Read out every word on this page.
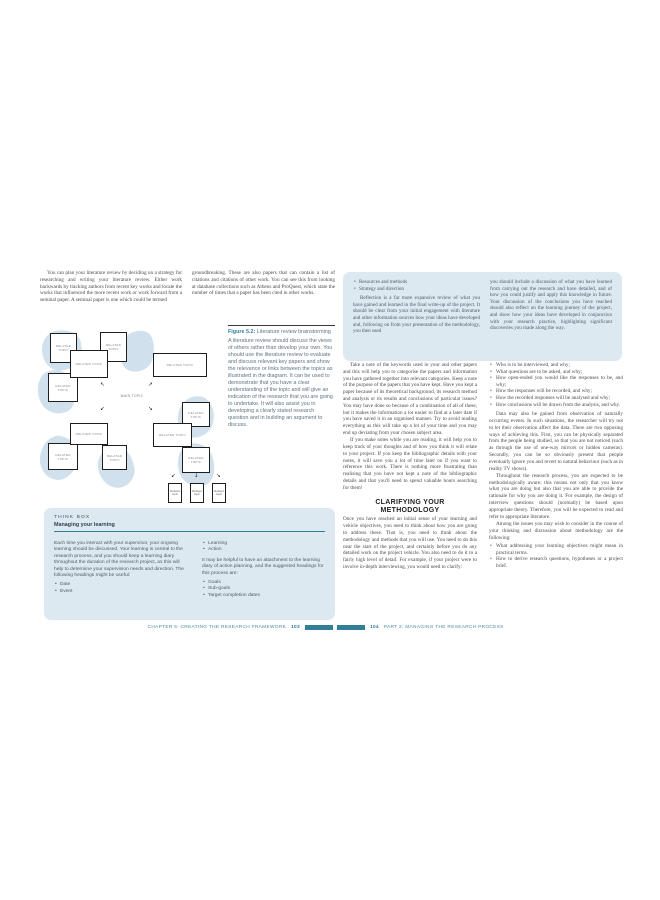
You can plan your literature review by deciding on a strategy for researching and writing your literature review. Either work backwards by tracking authors from recent key works and locate the works that influenced the more recent work or work forward from a seminal paper. A seminal paper is one which could be termed

groundbreaking. These are also papers that can contain a list of citations and citations of other work. You can see this from looking at database collections such as Athens and ProQuest, which state the number of times that a paper has been cited in other works.

RELATED TOPIC
RELATED TOPIC
RELATED TOPIC
RELATED TOPIC
RELATED TOPIC
RELATED TOPIC
RELATED TOPIC
RELATED TOPIC
RELATED TOPIC
RELATED TOPIC
RELATED TOPIC
MAIN TOPIC
↖	↗
↙	↘
↙	↓	↘
Related topic
Related topic
Related topic
Figure 5.2: Literature review brainstorming
A literature review should discuss the views of others rather than develop your own. You should use the literature review to evaluate and discuss relevant key papers and show the relevance or links between the topics as illustrated in the diagram. It can be used to demonstrate that you have a clear understanding of the topic and will give an indication of the research that you are going to undertake. It will also assist you in developing a clearly stated research question and in building an argument to discuss.
THINK BOX
Managing your learning
Each time you interact with your supervisor, your ongoing learning should be discussed. Your learning is central to the research process, and you should keep a learning diary throughout the duration of the research project, as this will help to determine your supervision needs and direction. The following headings might be useful:
• Date
• Event
• Learning
• Action
It may be helpful to have an attachment to the learning diary of action planning, and the suggested headings for this process are:
• Goals
• Sub-goals
• Target completion dates
CHAPTER 5: CREATING THE RESEARCH FRAMEWORK 103
• Resources and methods
• Strategy and direction

Reflection is a far more expansive review of what you have gained and learned in the final write-up of the project. It should be clear from your initial engagement with literature and other information sources how your ideas have developed and, following on from your presentation of the methodology, you then used

you should include a discussion of what you have learned from carrying out the research and have detailed, and of how you could justify and apply this knowledge in future. Your discussion of the conclusions you have reached should also reflect on the learning journey of the project, and show how your ideas have developed in conjunction with your research practice, highlighting significant discoveries you made along the way.

Take a note of the keywords used in your and other papers and this will help you to categorise the papers and information you have gathered together into relevant categories. Keep a note of the purpose of the papers that you have kept. Have you kept a paper because of its theoretical background, its research method and analysis or its results and conclusions of particular issues? You may have done so because of a combination of all of these, but it makes the information a lot easier to find at a later date if you have saved it in an organised manner. Try to avoid reading everything as this will take up a lot of your time and you may end up deviating from your chosen subject area.

If you make notes while you are reading, it will help you to keep track of your thoughts and of how you think it will relate to your project. If you keep the bibliographic details with your notes, it will save you a lot of time later on if you want to reference this work. There is nothing more frustrating than realising that you have not kept a note of the bibliographic details and that you'll need to spend valuable hours searching for them!

CLARIFYING YOUR METHODOLOGY

Once you have reached an initial sense of your learning and vehicle objectives, you need to think about how you are going to address these. That is, you need to think about the methodology and methods that you will use. You need to do this near the start of the project, and certainly before you do any detailed work on the project vehicle. You also need to do it to a fairly high level of detail. For example, if your project were to involve in-depth interviewing, you would need to clarify:

• Who is to be interviewed, and why;
• What questions are to be asked, and why;
• How open-ended you would like the responses to be, and why;
• How the responses will be recorded, and why;
• How the recorded responses will be analysed and why;
• How conclusions will be drawn from the analysis, and why.

Data may also be gained from observation of naturally occurring events. In such situations, the researcher will try not to let their observation affect the data. There are two opposing ways of achieving this. First, you can be physically separated from the people being studied, so that you are not noticed (such as through the use of one-way mirrors or hidden cameras). Secondly, you can be so obviously present that people eventually ignore you and revert to natural behaviour (such as in reality TV shows).

Throughout the research process, you are expected to be methodologically aware; this means not only that you know what you are doing but also that you are able to provide the rationale for why you are doing it. For example, the design of interview questions should (normally) be based upon appropriate theory. Therefore, you will be expected to read and refer to appropriate literature.

Among the issues you may wish to consider in the course of your thinking and discussion about methodology are the following:

• What addressing your learning objectives might mean in practical terms.
• How to derive research questions, hypotheses or a project brief.
104 PART 2: MANAGING THE RESEARCH PROCESS
